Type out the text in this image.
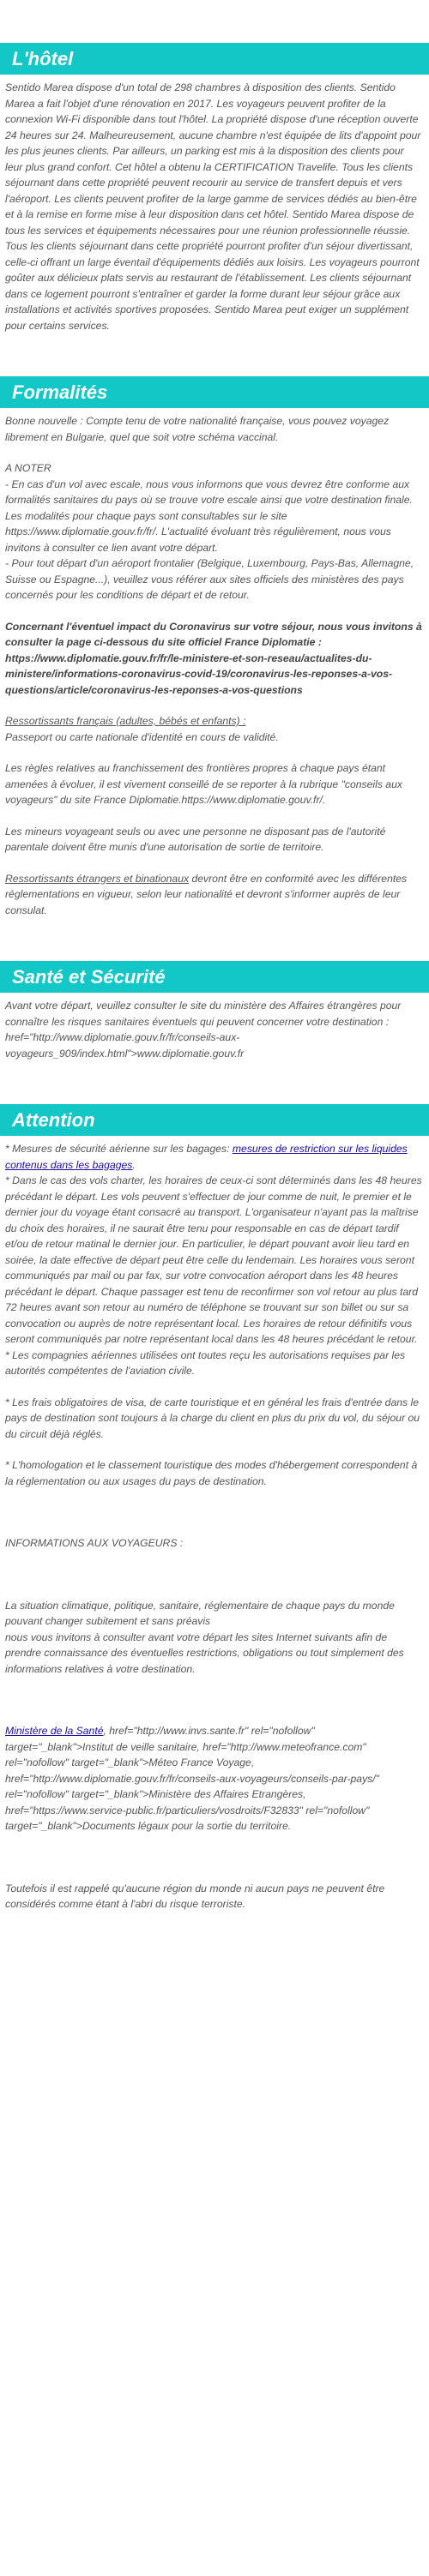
L'hôtel

Sentido Marea dispose d'un total de 298 chambres à disposition des clients. Sentido Marea a fait l'objet d'une rénovation en 2017. Les voyageurs peuvent profiter de la connexion Wi-Fi disponible dans tout l'hôtel. La propriété dispose d'une réception ouverte 24 heures sur 24. Malheureusement, aucune chambre n'est équipée de lits d'appoint pour les plus jeunes clients. Par ailleurs, un parking est mis à la disposition des clients pour leur plus grand confort. Cet hôtel a obtenu la CERTIFICATION Travelife. Tous les clients séjournant dans cette propriété peuvent recourir au service de transfert depuis et vers l'aéroport. Les clients peuvent profiter de la large gamme de services dédiés au bien-être et à la remise en forme mise à leur disposition dans cet hôtel. Sentido Marea dispose de tous les services et équipements nécessaires pour une réunion professionnelle réussie. Tous les clients séjournant dans cette propriété pourront profiter d'un séjour divertissant, celle-ci offrant un large éventail d'équipements dédiés aux loisirs. Les voyageurs pourront goûter aux délicieux plats servis au restaurant de l'établissement. Les clients séjournant dans ce logement pourront s'entraîner et garder la forme durant leur séjour grâce aux installations et activités sportives proposées. Sentido Marea peut exiger un supplément pour certains services.

Formalités

Bonne nouvelle : Compte tenu de votre nationalité française, vous pouvez voyagez librement en Bulgarie, quel que soit votre schéma vaccinal.

A NOTER

- En cas d'un vol avec escale, nous vous informons que vous devrez être conforme aux formalités sanitaires du pays où se trouve votre escale ainsi que votre destination finale.

Les modalités pour chaque pays sont consultables sur le site https://www.diplomatie.gouv.fr/fr/. L'actualité évoluant très régulièrement, nous vous invitons à consulter ce lien avant votre départ.

- Pour tout départ d'un aéroport frontalier (Belgique, Luxembourg, Pays-Bas, Allemagne, Suisse ou Espagne...), veuillez vous référer aux sites officiels des ministères des pays concernés pour les conditions de départ et de retour.

Concernant l'éventuel impact du Coronavirus sur votre séjour, nous vous invitons à consulter la page ci-dessous du site officiel France Diplomatie : https://www.diplomatie.gouv.fr/fr/le-ministere-et-son-reseau/actualites-du-ministere/informations-coronavirus-covid-19/coronavirus-les-reponses-a-vos-questions/article/coronavirus-les-reponses-a-vos-questions

Ressortissants français (adultes, bébés et enfants) :

Passeport ou carte nationale d'identité en cours de validité.

Les règles relatives au franchissement des frontières propres à chaque pays étant amenées à évoluer, il est vivement conseillé de se reporter à la rubrique "conseils aux voyageurs" du site France Diplomatie.https://www.diplomatie.gouv.fr/.

Les mineurs voyageant seuls ou avec une personne ne disposant pas de l'autorité parentale doivent être munis d'une autorisation de sortie de territoire.

Ressortissants étrangers et binationaux devront être en conformité avec les différentes réglementations en vigueur, selon leur nationalité et devront s'informer auprès de leur consulat.

Santé et Sécurité

Avant votre départ, veuillez consulter le site du ministère des Affaires étrangères pour connaître les risques sanitaires éventuels qui peuvent concerner votre destination : href="http://www.diplomatie.gouv.fr/fr/conseils-aux-voyageurs_909/index.html">www.diplomatie.gouv.fr

Attention

* Mesures de sécurité aérienne sur les bagages: mesures de restriction sur les liquides contenus dans les bagages.

* Dans le cas des vols charter, les horaires de ceux-ci sont déterminés dans les 48 heures précédant le départ. Les vols peuvent s'effectuer de jour comme de nuit, le premier et le dernier jour du voyage étant consacré au transport. L'organisateur n'ayant pas la maîtrise du choix des horaires, il ne saurait être tenu pour responsable en cas de départ tardif et/ou de retour matinal le dernier jour. En particulier, le départ pouvant avoir lieu tard en soirée, la date effective de départ peut être celle du lendemain. Les horaires vous seront communiqués par mail ou par fax, sur votre convocation aéroport dans les 48 heures précédant le départ. Chaque passager est tenu de reconfirmer son vol retour au plus tard 72 heures avant son retour au numéro de téléphone se trouvant sur son billet ou sur sa convocation ou auprès de notre représentant local. Les horaires de retour définitifs vous seront communiqués par notre représentant local dans les 48 heures précédant le retour.

* Les compagnies aériennes utilisées ont toutes reçu les autorisations requises par les autorités compétentes de l'aviation civile.

* Les frais obligatoires de visa, de carte touristique et en général les frais d'entrée dans le pays de destination sont toujours à la charge du client en plus du prix du vol, du séjour ou du circuit déjà réglés.

* L'homologation et le classement touristique des modes d'hébergement correspondent à la réglementation ou aux usages du pays de destination.

INFORMATIONS AUX VOYAGEURS :

La situation climatique, politique, sanitaire, réglementaire de chaque pays du monde pouvant changer subitement et sans préavis

nous vous invitons à consulter avant votre départ les sites Internet suivants afin de prendre connaissance des éventuelles restrictions, obligations ou tout simplement des informations relatives à votre destination.

Ministère de la Santé, href="http://www.invs.sante.fr" rel="nofollow" target="_blank">Institut de veille sanitaire, href="http://www.meteofrance.com" rel="nofollow" target="_blank">Méteo France Voyage, href="http://www.diplomatie.gouv.fr/fr/conseils-aux-voyageurs/conseils-par-pays/" rel="nofollow" target="_blank">Ministère des Affaires Etrangères, href="https://www.service-public.fr/particuliers/vosdroits/F32833" rel="nofollow" target="_blank">Documents légaux pour la sortie du territoire.

Toutefois il est rappelé qu'aucune région du monde ni aucun pays ne peuvent être considérés comme étant à l'abri du risque terroriste.
